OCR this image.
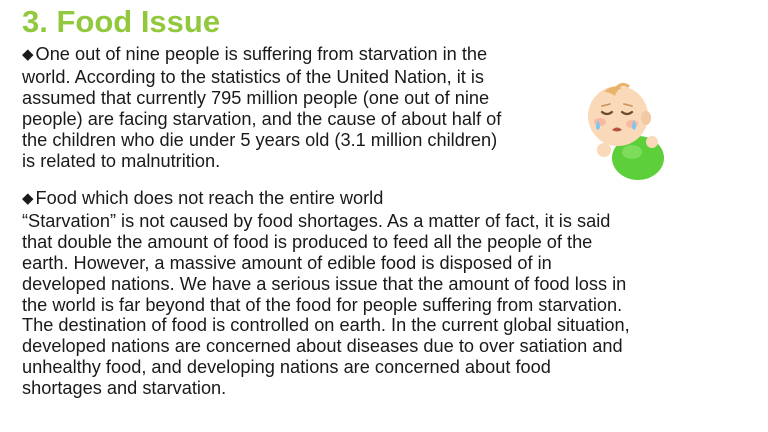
3. Food Issue

◆ One out of nine people is suffering from starvation in the
world. According to the statistics of the United Nation, it is
assumed that currently 795 million people (one out of nine
people) are facing starvation, and the cause of about half of
the children who die under 5 years old (3.1 million children)
is related to malnutrition.

◆ Food which does not reach the entire world
“Starvation” is not caused by food shortages. As a matter of fact, it is said
that double the amount of food is produced to feed all the people of the
earth. However, a massive amount of edible food is disposed of in
developed nations. We have a serious issue that the amount of food loss in
the world is far beyond that of the food for people suffering from starvation.
The destination of food is controlled on earth. In the current global situation,
developed nations are concerned about diseases due to over satiation and
unhealthy food, and developing nations are concerned about food
shortages and starvation.
